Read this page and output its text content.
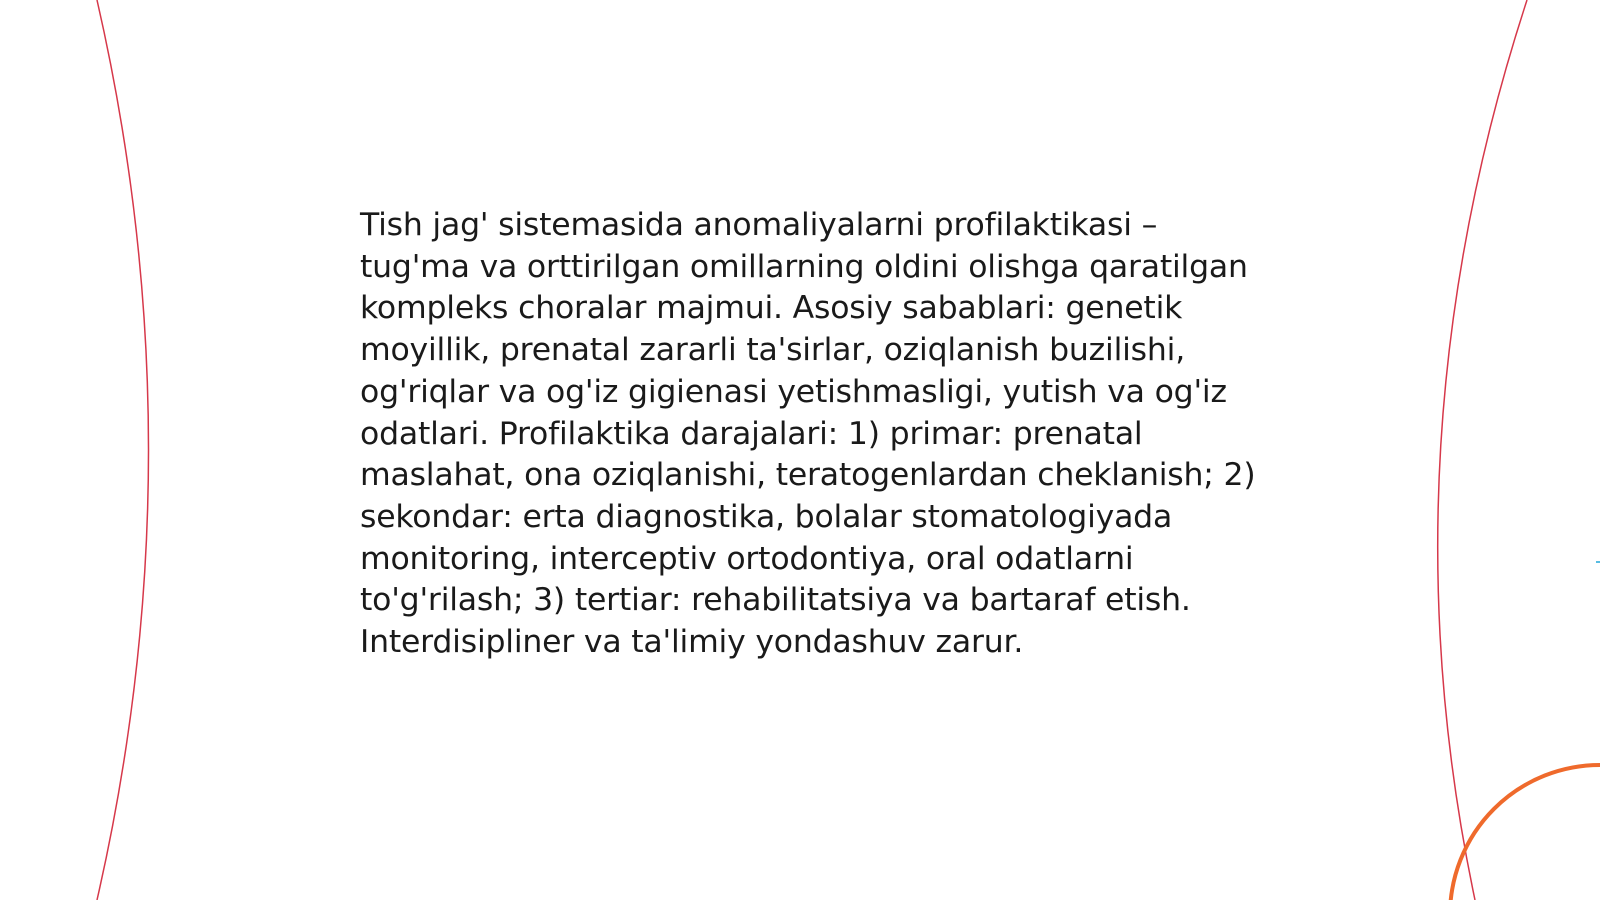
Tish jag' sistemasida anomaliyalarni profilaktikasi – tug'ma va orttirilgan omillarning oldini olishga qaratilgan kompleks choralar majmui. Asosiy sabablari: genetik moyillik, prenatal zararli ta'sirlar, oziqlanish buzilishi, og'riqlar va og'iz gigienasi yetishmasligi, yutish va og'iz odatlari. Profilaktika darajalari: 1) primar: prenatal maslahat, ona oziqlanishi, teratogenlardan cheklanish; 2) sekondar: erta diagnostika, bolalar stomatologiyada monitoring, interceptiv ortodontiya, oral odatlarni to'g'rilash; 3) tertiar: rehabilitatsiya va bartaraf etish. Interdisipliner va ta'limiy yondashuv zarur.
